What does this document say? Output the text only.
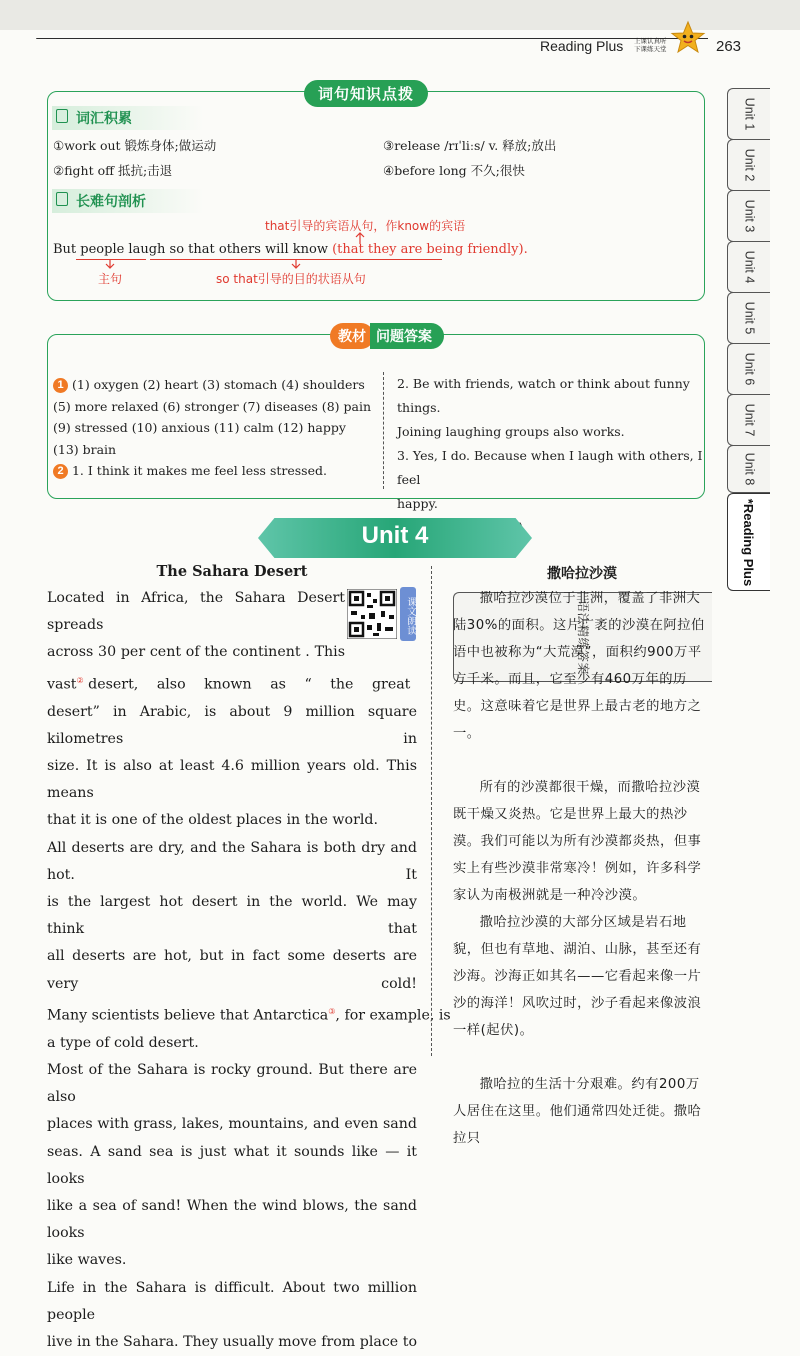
Reading Plus 上课认真听
下课练天堂	263
Unit 1
Unit 2
Unit 3
Unit 4
Unit 5
Unit 6
Unit 7
Unit 8
*Reading Plus
语法精练答案
词句知识点拨
词汇积累
①work out 锻炼身体;做运动
②fight off 抵抗;击退
③release /rɪˈliːs/ v. 释放;放出
④before long 不久;很快
长难句剖析
that引导的宾语从句，作know的宾语
But people laugh so that others will know (that they are being friendly).
主句	so that引导的目的状语从句
教材 问题答案
1 (1) oxygen (2) heart (3) stomach (4) shoulders
(5) more relaxed (6) stronger (7) diseases (8) pain
(9) stressed (10) anxious (11) calm (12) happy
(13) brain
2 1. I think it makes me feel less stressed.
2. Be with friends, watch or think about funny things.
Joining laughing groups also works.
3. Yes, I do. Because when I laugh with others, I feel
happy.
Unit 4
The Sahara Desert	撒哈拉沙漠
课文朗读
Located in Africa, the Sahara Desert spreads
across 30 per cent of the continent . This
vast② desert, also known as “ the great
desert” in Arabic, is about 9 million square kilometres in
size. It is also at least 4.6 million years old. This means
that it is one of the oldest places in the world.
All deserts are dry, and the Sahara is both dry and hot. It
is the largest hot desert in the world. We may think that
all deserts are hot, but in fact some deserts are very cold!
Many scientists believe that Antarctica③, for example, is
a type of cold desert.
Most of the Sahara is rocky ground. But there are also
places with grass, lakes, mountains, and even sand
seas. A sand sea is just what it sounds like — it looks
like a sea of sand! When the wind blows, the sand looks
like waves.
Life in the Sahara is difficult. About two million people
live in the Sahara. They usually move from place to

撒哈拉沙漠位于非洲，覆盖了非洲大陆30%的面积。这片广袤的沙漠在阿拉伯语中也被称为“大荒漠”，面积约900万平方千米。而且，它至少有460万年的历史。这意味着它是世界上最古老的地方之一。

所有的沙漠都很干燥，而撒哈拉沙漠既干燥又炎热。它是世界上最大的热沙漠。我们可能以为所有沙漠都炎热，但事实上有些沙漠非常寒冷！例如，许多科学家认为南极洲就是一种冷沙漠。

撒哈拉沙漠的大部分区域是岩石地貌，但也有草地、湖泊、山脉，甚至还有沙海。沙海正如其名——它看起来像一片沙的海洋！风吹过时，沙子看起来像波浪一样(起伏)。

撒哈拉的生活十分艰难。约有200万人居住在这里。他们通常四处迁徙。撒哈拉只
